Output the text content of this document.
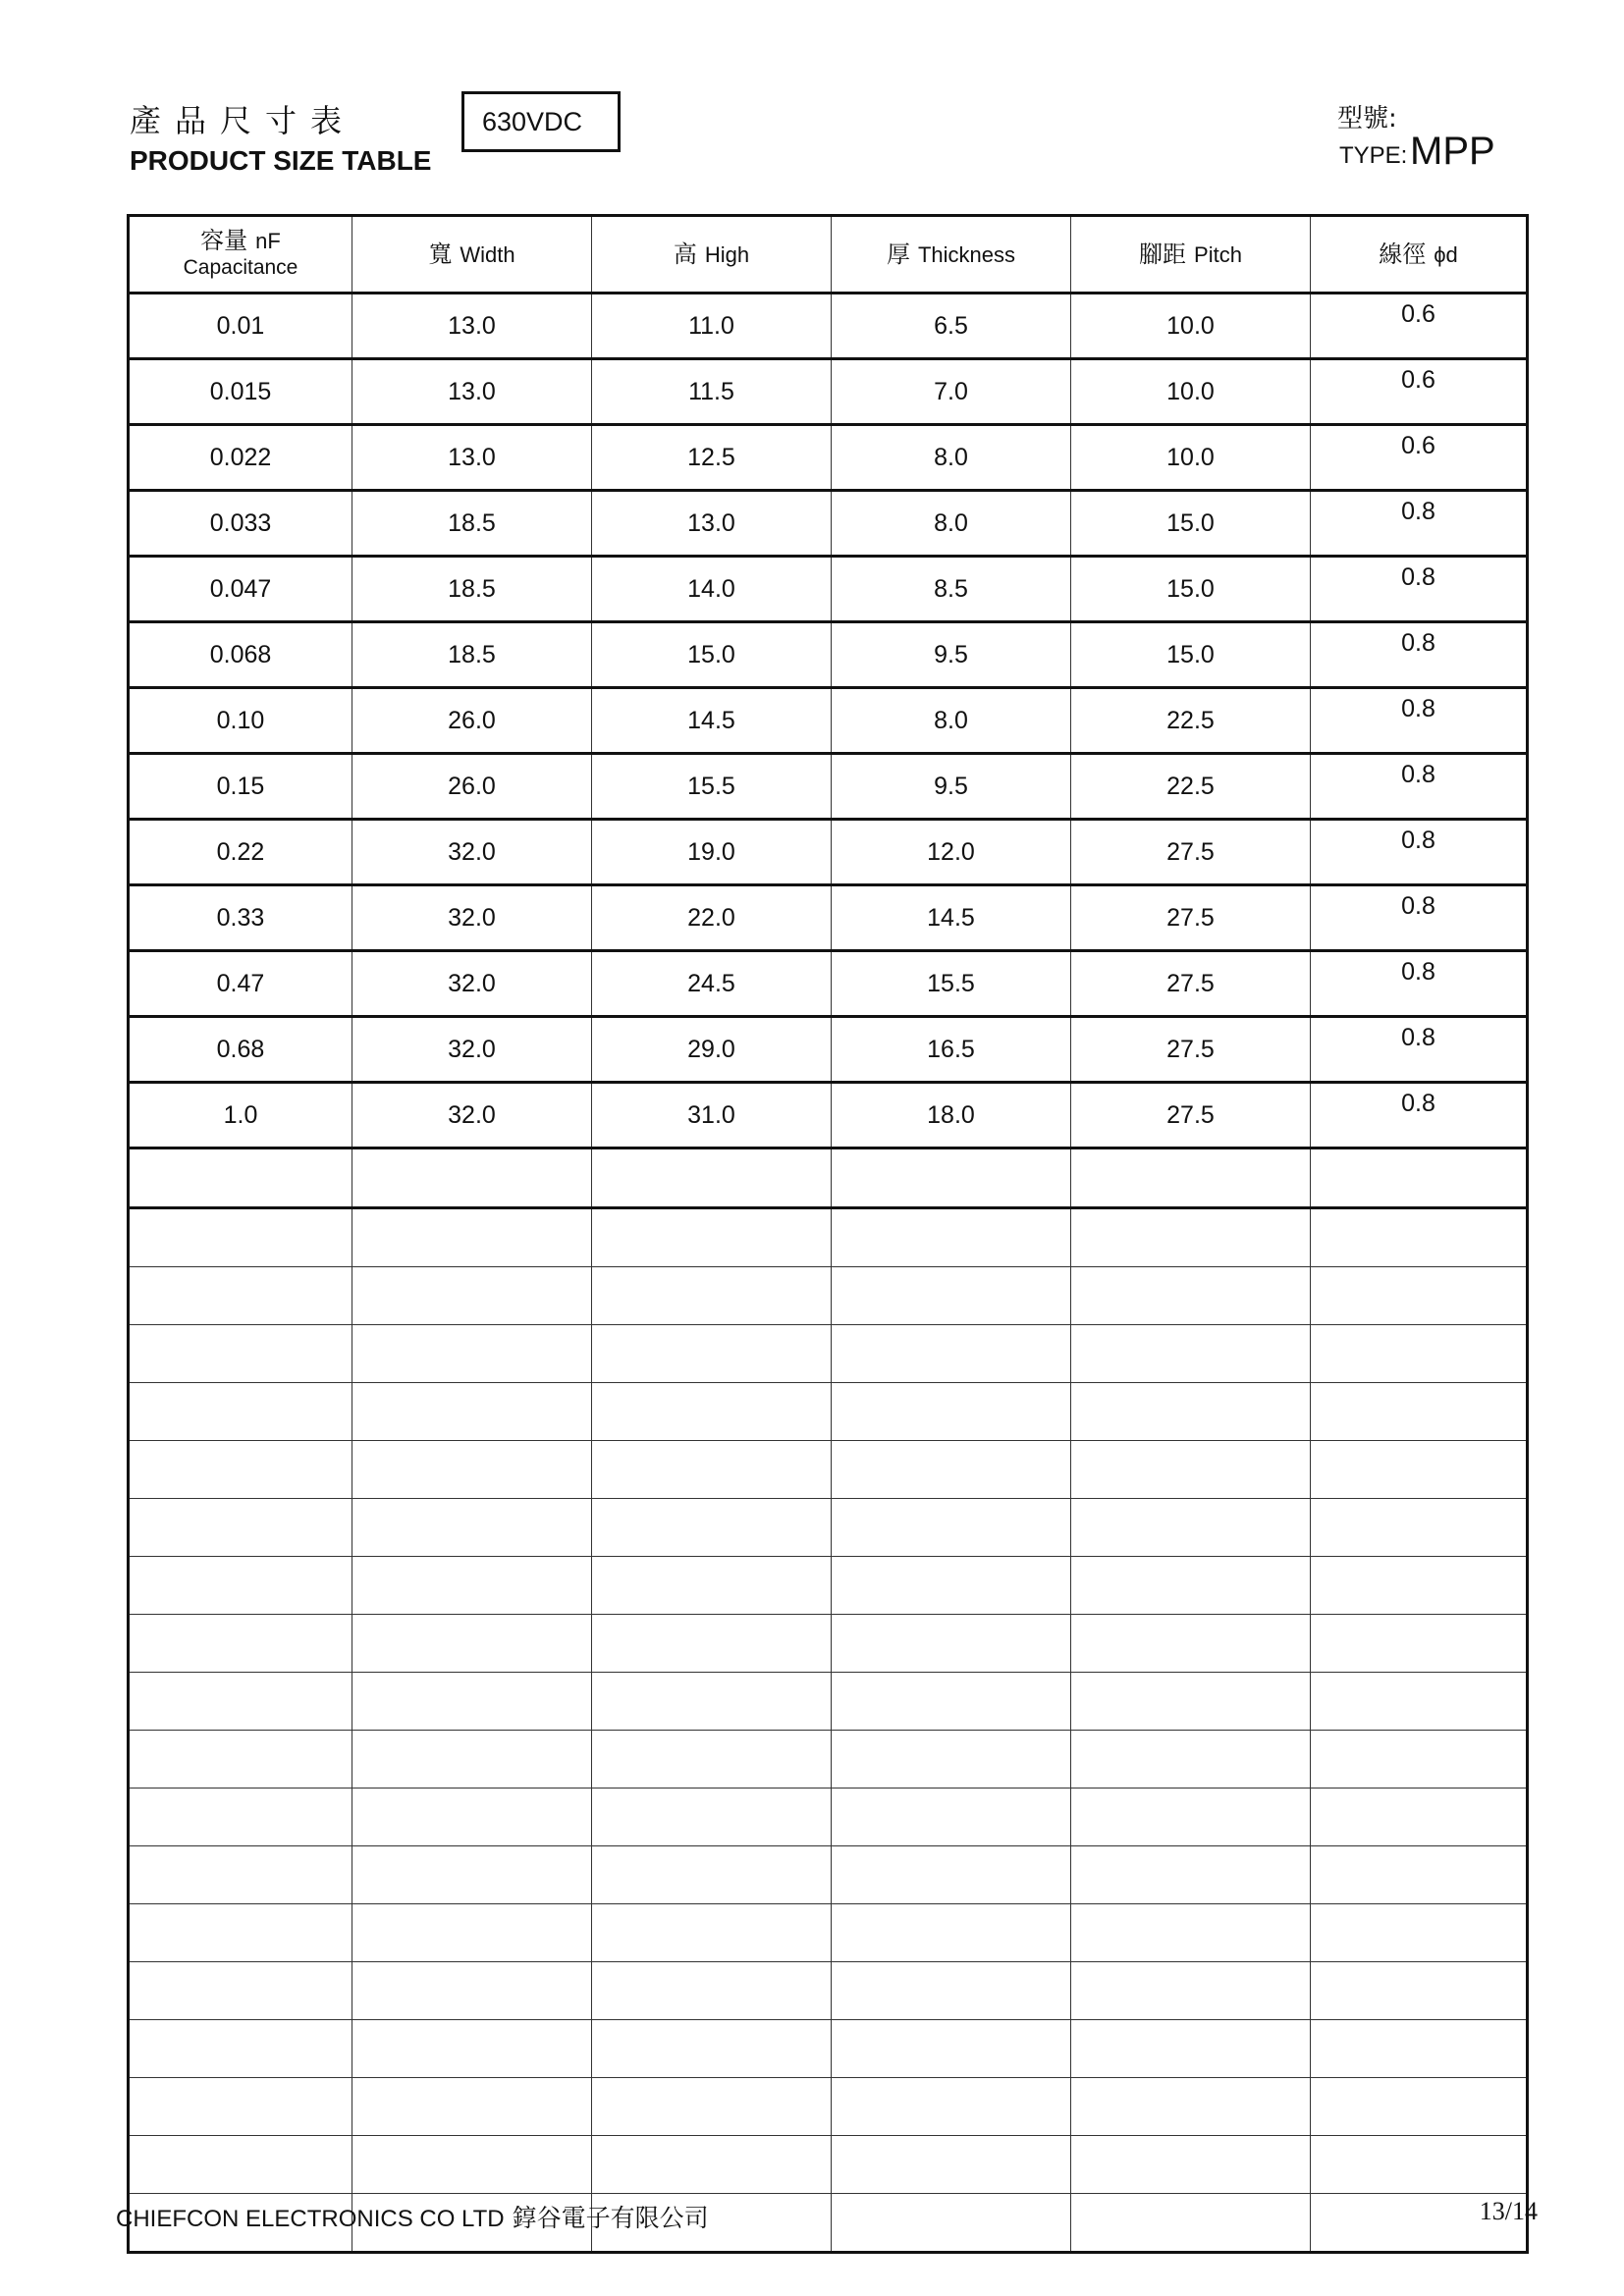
產品尺寸表
PRODUCT SIZE TABLE
630VDC	型號:
TYPE: MPP
容量 nF
Capacitance	寬 Width	高 High	厚 Thickness	腳距 Pitch	線徑 ϕd
0.01	13.0	11.0	6.5	10.0	0.6
0.015	13.0	11.5	7.0	10.0	0.6
0.022	13.0	12.5	8.0	10.0	0.6
0.033	18.5	13.0	8.0	15.0	0.8
0.047	18.5	14.0	8.5	15.0	0.8
0.068	18.5	15.0	9.5	15.0	0.8
0.10	26.0	14.5	8.0	22.5	0.8
0.15	26.0	15.5	9.5	22.5	0.8
0.22	32.0	19.0	12.0	27.5	0.8
0.33	32.0	22.0	14.5	27.5	0.8
0.47	32.0	24.5	15.5	27.5	0.8
0.68	32.0	29.0	16.5	27.5	0.8
1.0	32.0	31.0	18.0	27.5	0.8

CHIEFCON ELECTRONICS CO LTD 錞谷電子有限公司	13/14
